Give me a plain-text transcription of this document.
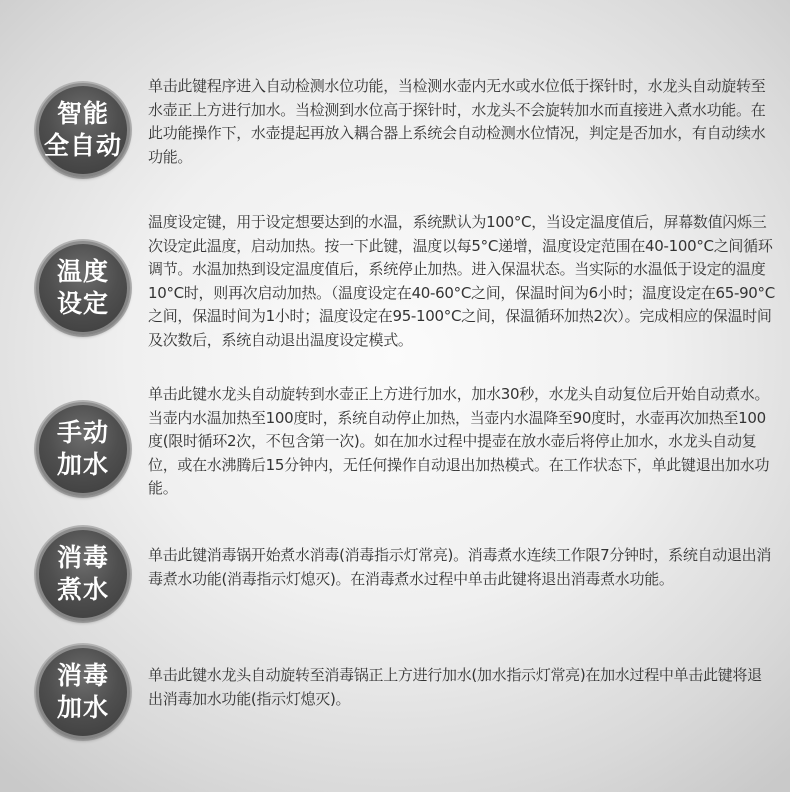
智能
全自动

单击此键程序进入自动检测水位功能，当检测水壶内无水或水位低于探针时，水龙头自动旋转至水壶正上方进行加水。当检测到水位高于探针时，水龙头不会旋转加水而直接进入煮水功能。在此功能操作下，水壶提起再放入耦合器上系统会自动检测水位情况，判定是否加水，有自动续水功能。

温度
设定

温度设定键，用于设定想要达到的水温，系统默认为100°C，当设定温度值后，屏幕数值闪烁三次设定此温度，启动加热。按一下此键，温度以每5°C递增，温度设定范围在40-100°C之间循环调节。水温加热到设定温度值后，系统停止加热。进入保温状态。当实际的水温低于设定的温度10°C时，则再次启动加热。（温度设定在40-60°C之间，保温时间为6小时；温度设定在65-90°C之间，保温时间为1小时；温度设定在95-100°C之间，保温循环加热2次）。完成相应的保温时间及次数后，系统自动退出温度设定模式。

手动
加水

单击此键水龙头自动旋转到水壶正上方进行加水，加水30秒，水龙头自动复位后开始自动煮水。当壶内水温加热至100度时，系统自动停止加热，当壶内水温降至90度时，水壶再次加热至100度(限时循环2次，不包含第一次)。如在加水过程中提壶在放水壶后将停止加水，水龙头自动复位，或在水沸腾后15分钟内，无任何操作自动退出加热模式。在工作状态下，单此键退出加水功能。

消毒
煮水

单击此键消毒锅开始煮水消毒(消毒指示灯常亮)。消毒煮水连续工作限7分钟时，系统自动退出消毒煮水功能(消毒指示灯熄灭)。在消毒煮水过程中单击此键将退出消毒煮水功能。

消毒
加水

单击此键水龙头自动旋转至消毒锅正上方进行加水(加水指示灯常亮)在加水过程中单击此键将退出消毒加水功能(指示灯熄灭)。
